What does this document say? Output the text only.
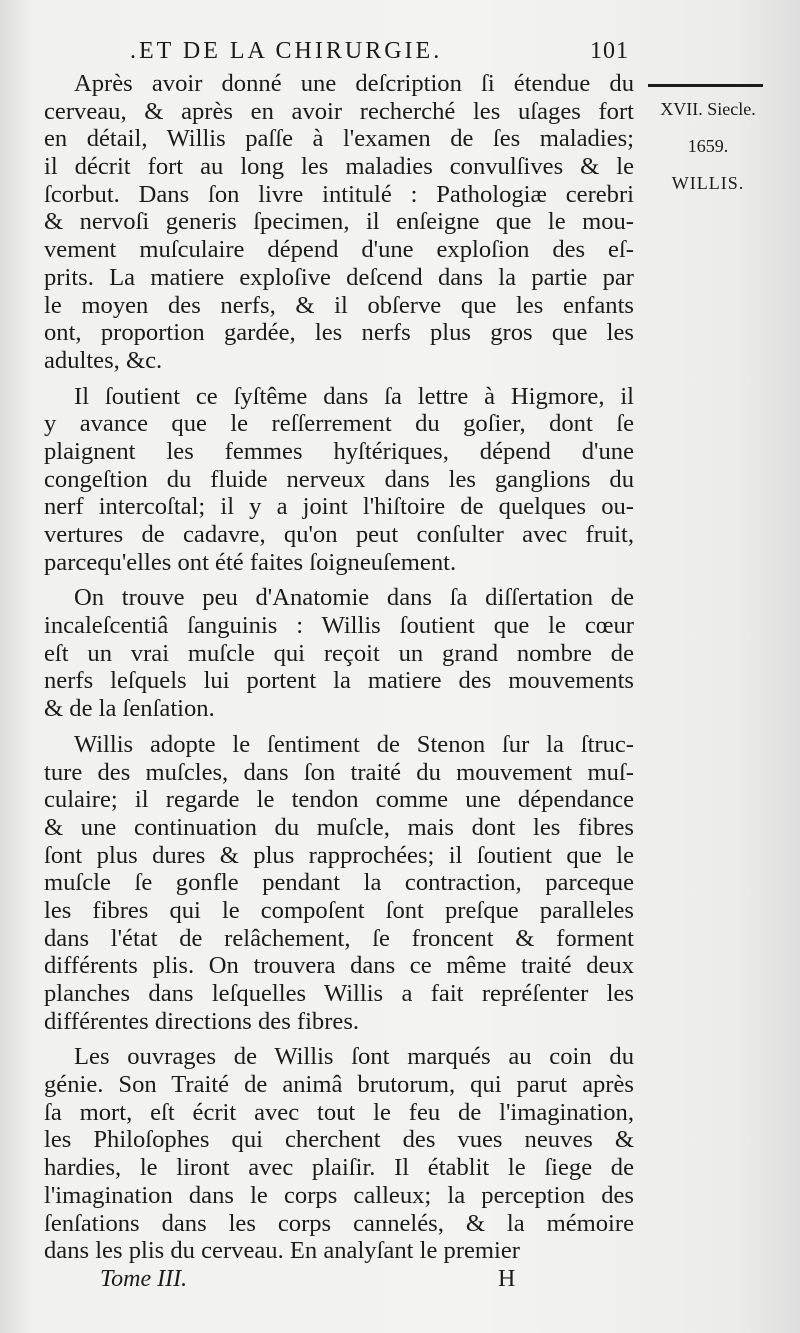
.ET DE LA CHIRURGIE.	101
XVII. Siecle.
1659.
WILLIS.
Après avoir donné une deſcription ſi étendue du
cerveau, & après en avoir recherché les uſages fort
en détail, Willis paſſe à l'examen de ſes maladies;
il décrit fort au long les maladies convulſives & le
ſcorbut. Dans ſon livre intitulé : Pathologiæ cerebri
& nervoſi generis ſpecimen, il enſeigne que le mou-
vement muſculaire dépend d'une exploſion des eſ-
prits. La matiere exploſive deſcend dans la partie par
le moyen des nerfs, & il obſerve que les enfants
ont, proportion gardée, les nerfs plus gros que les
adultes, &c.
Il ſoutient ce ſyſtême dans ſa lettre à Higmore, il
y avance que le reſſerrement du goſier, dont ſe
plaignent les femmes hyſtériques, dépend d'une
congeſtion du fluide nerveux dans les ganglions du
nerf intercoſtal; il y a joint l'hiſtoire de quelques ou-
vertures de cadavre, qu'on peut conſulter avec fruit,
parcequ'elles ont été faites ſoigneuſement.
On trouve peu d'Anatomie dans ſa diſſertation de
incaleſcentiâ ſanguinis : Willis ſoutient que le cœur
eſt un vrai muſcle qui reçoit un grand nombre de
nerfs leſquels lui portent la matiere des mouvements
& de la ſenſation.
Willis adopte le ſentiment de Stenon ſur la ſtruc-
ture des muſcles, dans ſon traité du mouvement muſ-
culaire; il regarde le tendon comme une dépendance
& une continuation du muſcle, mais dont les fibres
ſont plus dures & plus rapprochées; il ſoutient que le
muſcle ſe gonfle pendant la contraction, parceque
les fibres qui le compoſent ſont preſque paralleles
dans l'état de relâchement, ſe froncent & forment
différents plis. On trouvera dans ce même traité deux
planches dans leſquelles Willis a fait repréſenter les
différentes directions des fibres.
Les ouvrages de Willis ſont marqués au coin du
génie. Son Traité de animâ brutorum, qui parut après
ſa mort, eſt écrit avec tout le feu de l'imagination,
les Philoſophes qui cherchent des vues neuves &
hardies, le liront avec plaiſir. Il établit le ſiege de
l'imagination dans le corps calleux; la perception des
ſenſations dans les corps cannelés, & la mémoire
dans les plis du cerveau. En analyſant le premier
Tome III.	H
